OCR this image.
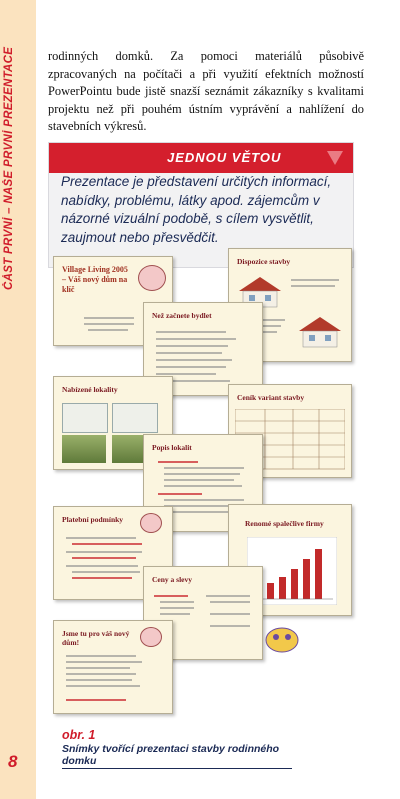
ČÁST PRVNÍ – NAŠE PRVNÍ PREZENTACE
8
rodinných domků. Za pomoci materiálů působivě zpracovaných na počítači a při využití efektních možností PowerPointu bude jistě snazší seznámit zákazníky s kvalitami projektu než při pouhém ústním vyprávění a nahlížení do stavebních výkresů.
JEDNOU VĚTOU
Prezentace je představení určitých informací, nabídky, problému, látky apod. zájemcům v názorné vizuální podobě, s cílem vysvětlit, zaujmout nebo přesvědčit.
Village Living 2005 – Váš nový dům na klíč
Dispozice stavby
Než začnete bydlet
Nabízené lokality
Ceník variant stavby
Popis lokalit
Platební podmínky	Renomé spalečlive firmy
Ceny a slevy
Jsme tu pro váš nový dům!
obr. 1
Snímky tvořící prezentaci stavby rodinného domku
